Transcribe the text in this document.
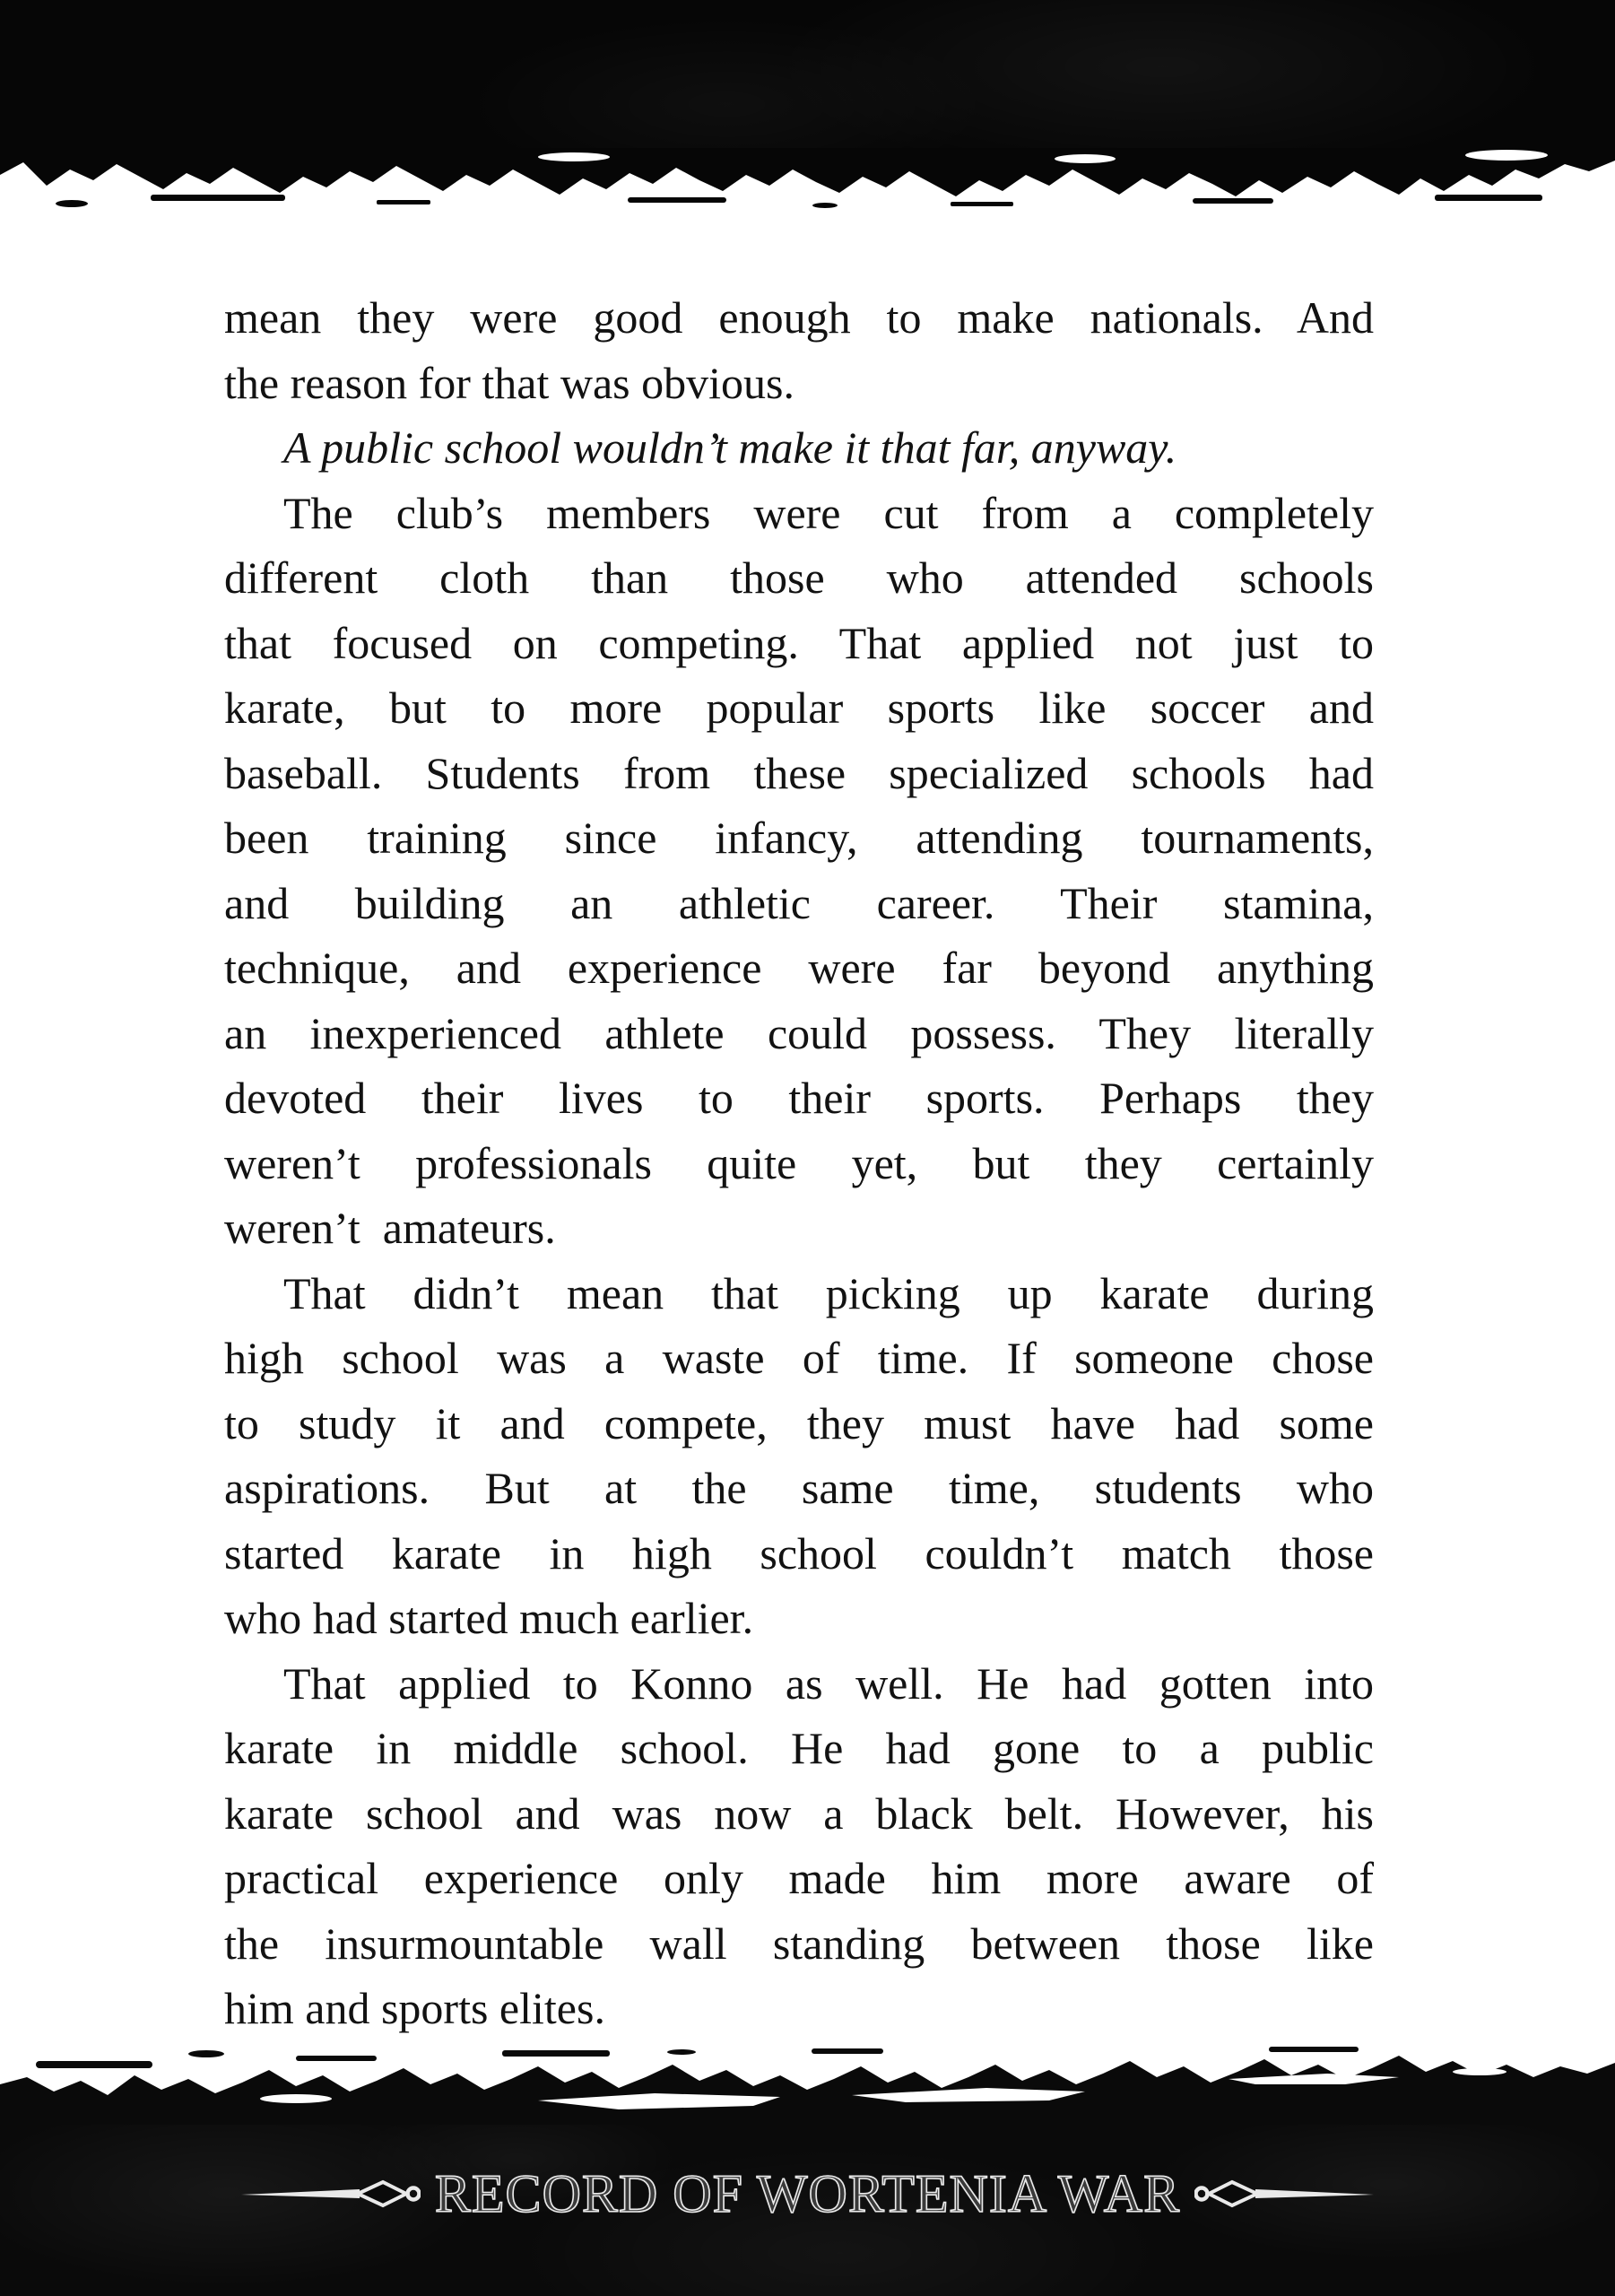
mean they were good enough to make nationals. And
the reason for that was obvious.
A public school wouldn’t make it that far, anyway.
The club’s members were cut from a completely
different cloth than those who attended schools
that focused on competing. That applied not just to
karate, but to more popular sports like soccer and
baseball. Students from these specialized schools had
been training since infancy, attending tournaments,
and building an athletic career. Their stamina,
technique, and experience were far beyond anything
an inexperienced athlete could possess. They literally
devoted their lives to their sports. Perhaps they
weren’t professionals quite yet, but they certainly
weren’t amateurs.
That didn’t mean that picking up karate during
high school was a waste of time. If someone chose
to study it and compete, they must have had some
aspirations. But at the same time, students who
started karate in high school couldn’t match those
who had started much earlier.
That applied to Konno as well. He had gotten into
karate in middle school. He had gone to a public
karate school and was now a black belt. However, his
practical experience only made him more aware of
the insurmountable wall standing between those like
him and sports elites.
RECORD OF WORTENIA WAR
